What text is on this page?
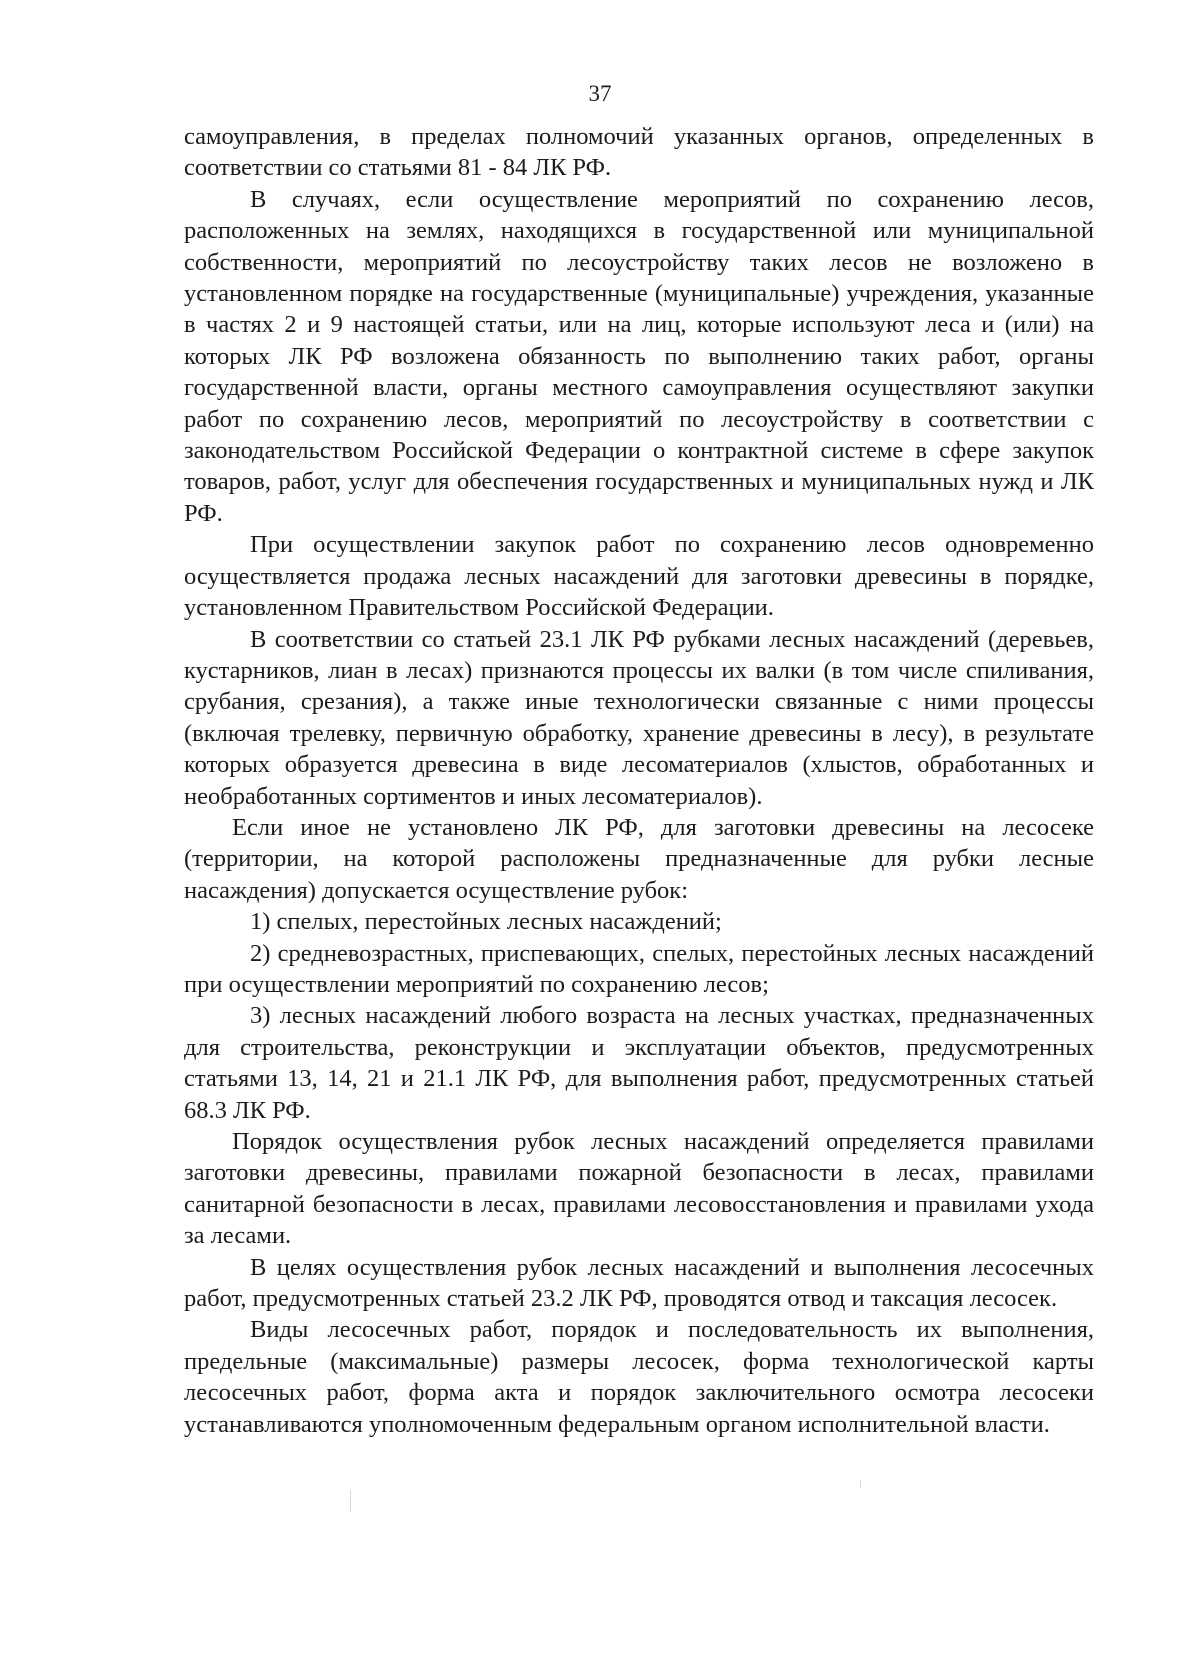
37

самоуправления, в пределах полномочий указанных органов, определенных в соответствии со статьями 81 - 84 ЛК РФ.

В случаях, если осуществление мероприятий по сохранению лесов, расположенных на землях, находящихся в государственной или муниципальной собственности, мероприятий по лесоустройству таких лесов не возложено в установленном порядке на государственные (муниципальные) учреждения, указанные в частях 2 и 9 настоящей статьи, или на лиц, которые используют леса и (или) на которых ЛК РФ возложена обязанность по выполнению таких работ, органы государственной власти, органы местного самоуправления осуществляют закупки работ по сохранению лесов, мероприятий по лесоустройству в соответствии с законодательством Российской Федерации о контрактной системе в сфере закупок товаров, работ, услуг для обеспечения государственных и муниципальных нужд и ЛК РФ.

При осуществлении закупок работ по сохранению лесов одновременно осуществляется продажа лесных насаждений для заготовки древесины в порядке, установленном Правительством Российской Федерации.

В соответствии со статьей 23.1 ЛК РФ рубками лесных насаждений (деревьев, кустарников, лиан в лесах) признаются процессы их валки (в том числе спиливания, срубания, срезания), а также иные технологически связанные с ними процессы (включая трелевку, первичную обработку, хранение древесины в лесу), в результате которых образуется древесина в виде лесоматериалов (хлыстов, обработанных и необработанных сортиментов и иных лесоматериалов).

Если иное не установлено ЛК РФ, для заготовки древесины на лесосеке (территории, на которой расположены предназначенные для рубки лесные насаждения) допускается осуществление рубок:

1) спелых, перестойных лесных насаждений;

2) средневозрастных, приспевающих, спелых, перестойных лесных насаждений при осуществлении мероприятий по сохранению лесов;

3) лесных насаждений любого возраста на лесных участках, предназначенных для строительства, реконструкции и эксплуатации объектов, предусмотренных статьями 13, 14, 21 и 21.1 ЛК РФ, для выполнения работ, предусмотренных статьей 68.3 ЛК РФ.

Порядок осуществления рубок лесных насаждений определяется правилами заготовки древесины, правилами пожарной безопасности в лесах, правилами санитарной безопасности в лесах, правилами лесовосстановления и правилами ухода за лесами.

В целях осуществления рубок лесных насаждений и выполнения лесосечных работ, предусмотренных статьей 23.2 ЛК РФ, проводятся отвод и таксация лесосек.

Виды лесосечных работ, порядок и последовательность их выполнения, предельные (максимальные) размеры лесосек, форма технологической карты лесосечных работ, форма акта и порядок заключительного осмотра лесосеки устанавливаются уполномоченным федеральным органом исполнительной власти.
